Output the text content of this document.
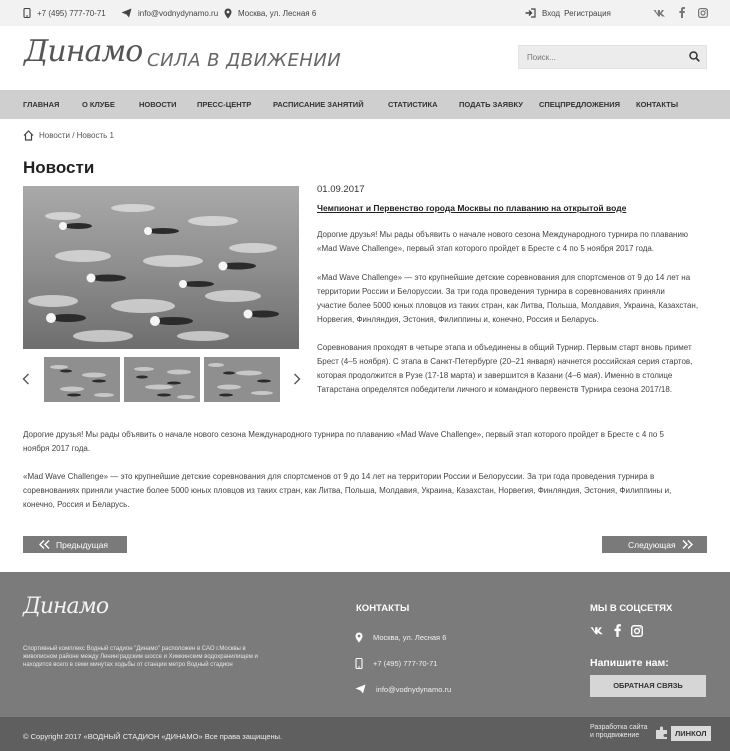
+7 (495) 777-70-71	info@vodnydynamo.ru Москва, ул. Лесная 6	Вход Регистрация
Динамо СИЛА В ДВИЖЕНИИ
Поиск...
ГЛАВНАЯ	О КЛУБЕ	НОВОСТИ	ПРЕСС-ЦЕНТР	РАСПИСАНИЕ ЗАНЯТИЙ	СТАТИСТИКА	ПОДАТЬ ЗАЯВКУ СПЕЦПРЕДЛОЖЕНИЯ КОНТАКТЫ
Новости / Новость 1
Новости
01.09.2017
Чемпионат и Первенство города Москвы по плаванию на открытой воде
Дорогие друзья! Мы рады объявить о начале нового сезона Международного турнира по плаванию
«Mad Wave Challenge», первый этап которого пройдет в Бресте с 4 по 5 ноября 2017 года.
«Mad Wave Challenge» — это крупнейшие детские соревнования для спортсменов от 9 до 14 лет на
территории России и Белоруссии. За три года проведения турнира в соревнованиях приняли
участие более 5000 юных пловцов из таких стран, как Литва, Польша, Молдавия, Украина, Казахстан,
Норвегия, Финляндия, Эстония, Филиппины и, конечно, Россия и Беларусь.
Соревнования проходят в четыре этапа и объединены в общий Турнир. Первым старт вновь примет
Брест (4–5 ноября). С этапа в Санкт-Петербурге (20–21 января) начнется российская серия стартов,
которая продолжится в Рузе (17-18 марта) и завершится в Казани (4–6 мая). Именно в столице
Татарстана определятся победители личного и командного первенств Турнира сезона 2017/18.
Дорогие друзья! Мы рады объявить о начале нового сезона Международного турнира по плаванию «Mad Wave Challenge», первый этап которого пройдет в Бресте с 4 по 5
ноября 2017 года.
«Mad Wave Challenge» — это крупнейшие детские соревнования для спортсменов от 9 до 14 лет на территории России и Белоруссии. За три года проведения турнира в
соревнованиях приняли участие более 5000 юных пловцов из таких стран, как Литва, Польша, Молдавия, Украина, Казахстан, Норвегия, Финляндия, Эстония, Филиппины и,
конечно, Россия и Беларусь.
Предыдущая	Следующая
Динамо
Спортивный комплекс Водный стадион "Динамо" расположен в САО г.Москвы в живописном районе между Ленинградским шоссе и Химкинским водохранилищем и находится всего в семи минутах ходьбы от станции метро Водный стадион
КОНТАКТЫ
Москва, ул. Лесная 6
+7 (495) 777-70-71
info@vodnydynamo.ru
МЫ В СОЦСЕТЯХ
Напишите нам:
ОБРАТНАЯ СВЯЗЬ
© Copyright 2017 «ВОДНЫЙ СТАДИОН «ДИНАМО» Все права защищены.
Разработка сайта
и продвижение	ЛИНКОЛ
